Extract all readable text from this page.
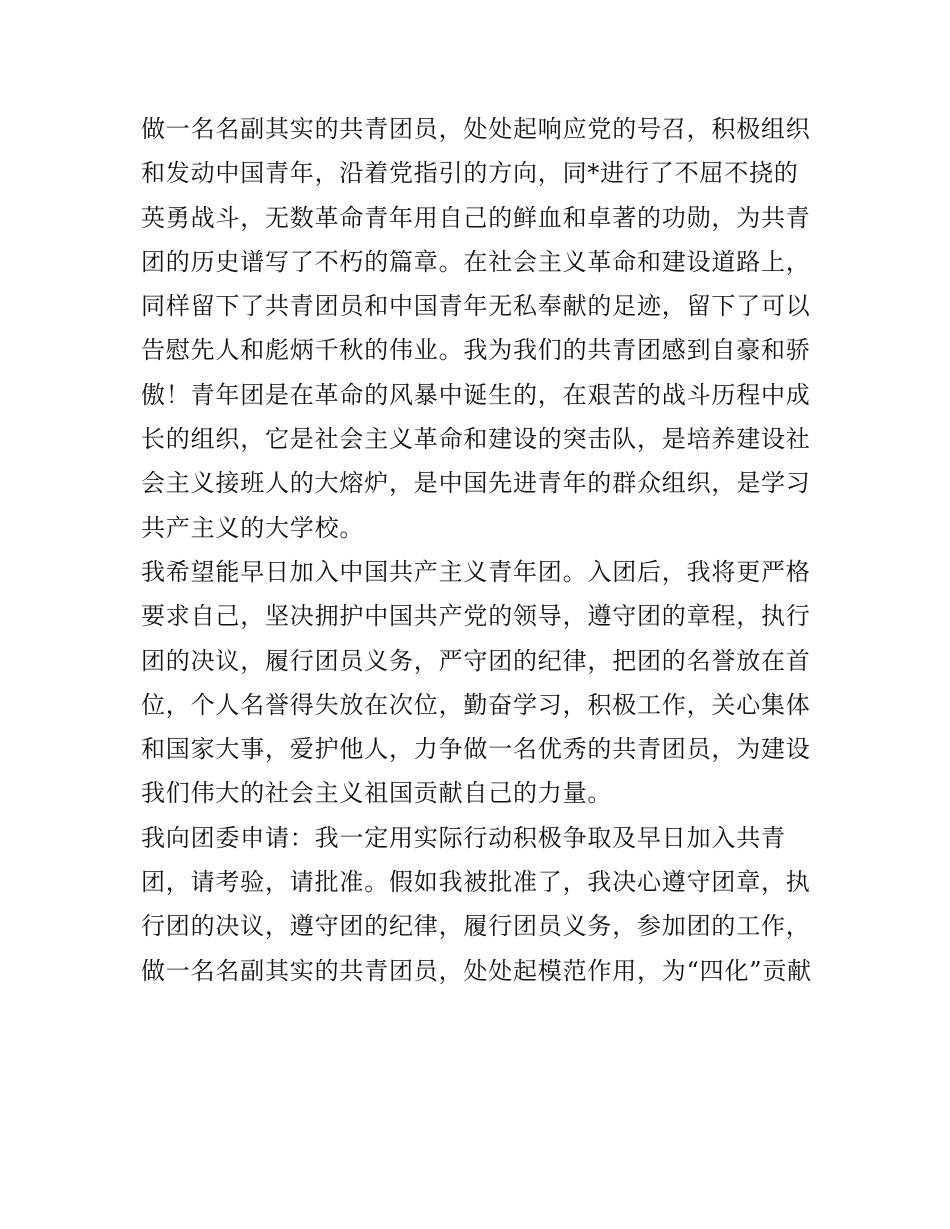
做一名名副其实的共青团员，处处起响应党的号召，积极组织
和发动中国青年，沿着党指引的方向，同*进行了不屈不挠的
英勇战斗，无数革命青年用自己的鲜血和卓著的功勋，为共青
团的历史谱写了不朽的篇章。在社会主义革命和建设道路上，
同样留下了共青团员和中国青年无私奉献的足迹，留下了可以
告慰先人和彪炳千秋的伟业。我为我们的共青团感到自豪和骄
傲！青年团是在革命的风暴中诞生的，在艰苦的战斗历程中成
长的组织，它是社会主义革命和建设的突击队，是培养建设社
会主义接班人的大熔炉，是中国先进青年的群众组织，是学习
共产主义的大学校。
我希望能早日加入中国共产主义青年团。入团后，我将更严格
要求自己，坚决拥护中国共产党的领导，遵守团的章程，执行
团的决议，履行团员义务，严守团的纪律，把团的名誉放在首
位，个人名誉得失放在次位，勤奋学习，积极工作，关心集体
和国家大事，爱护他人，力争做一名优秀的共青团员，为建设
我们伟大的社会主义祖国贡献自己的力量。
我向团委申请：我一定用实际行动积极争取及早日加入共青
团，请考验，请批准。假如我被批准了，我决心遵守团章，执
行团的决议，遵守团的纪律，履行团员义务，参加团的工作，
做一名名副其实的共青团员，处处起模范作用，为“四化”贡献
